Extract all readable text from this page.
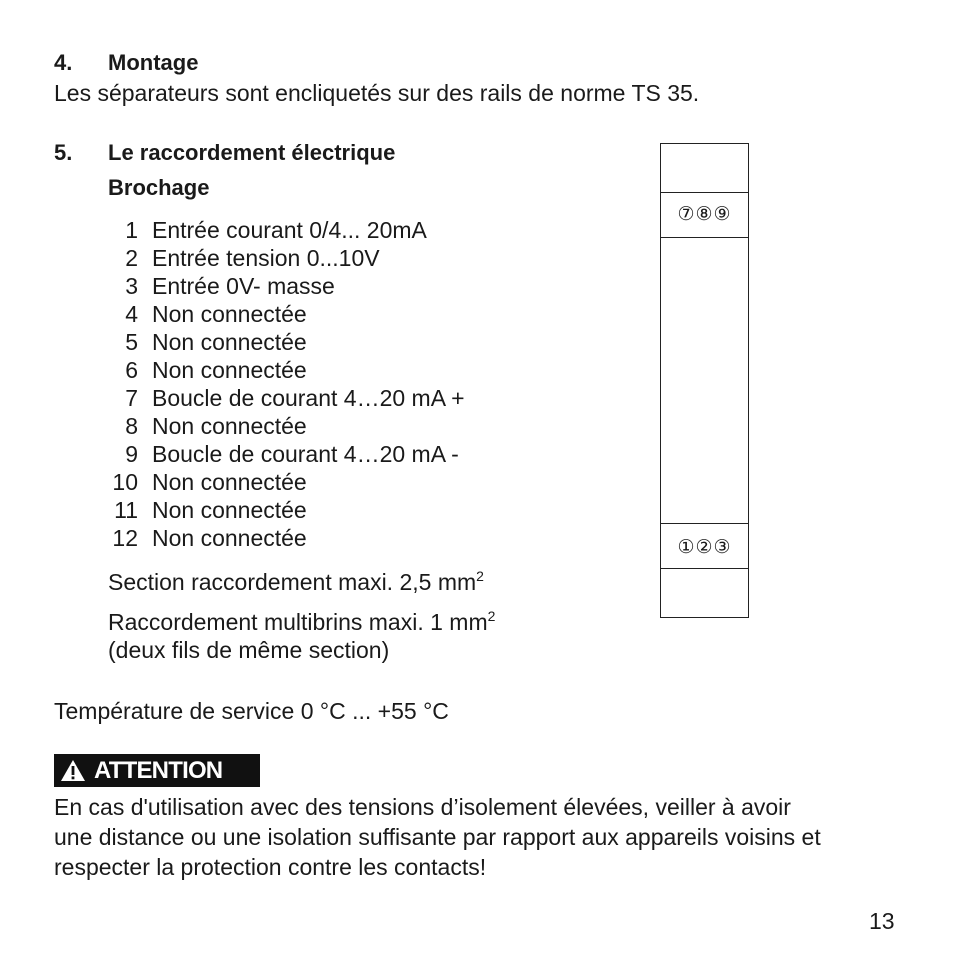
4. Montage
Les séparateurs sont encliquetés sur des rails de norme TS 35.
5. Le raccordement électrique
Brochage
1 Entrée courant 0/4... 20mA
2 Entrée tension 0...10V
3 Entrée 0V- masse
4 Non connectée
5 Non connectée
6 Non connectée
7 Boucle de courant 4…20 mA +
8 Non connectée
9 Boucle de courant 4…20 mA -
10 Non connectée
11 Non connectée
12 Non connectée
Section raccordement maxi. 2,5 $mm^2$
Raccordement multibrins maxi. 1 $mm^2$
(deux fils de même section)
Température de service 0 °C ... +55 °C
ATTENTION
En cas d'utilisation avec des tensions d’isolement élevées, veiller à avoir
une distance ou une isolation suffisante par rapport aux appareils voisins et
respecter la protection contre les contacts!
⑦⑧⑨
①②③
13
